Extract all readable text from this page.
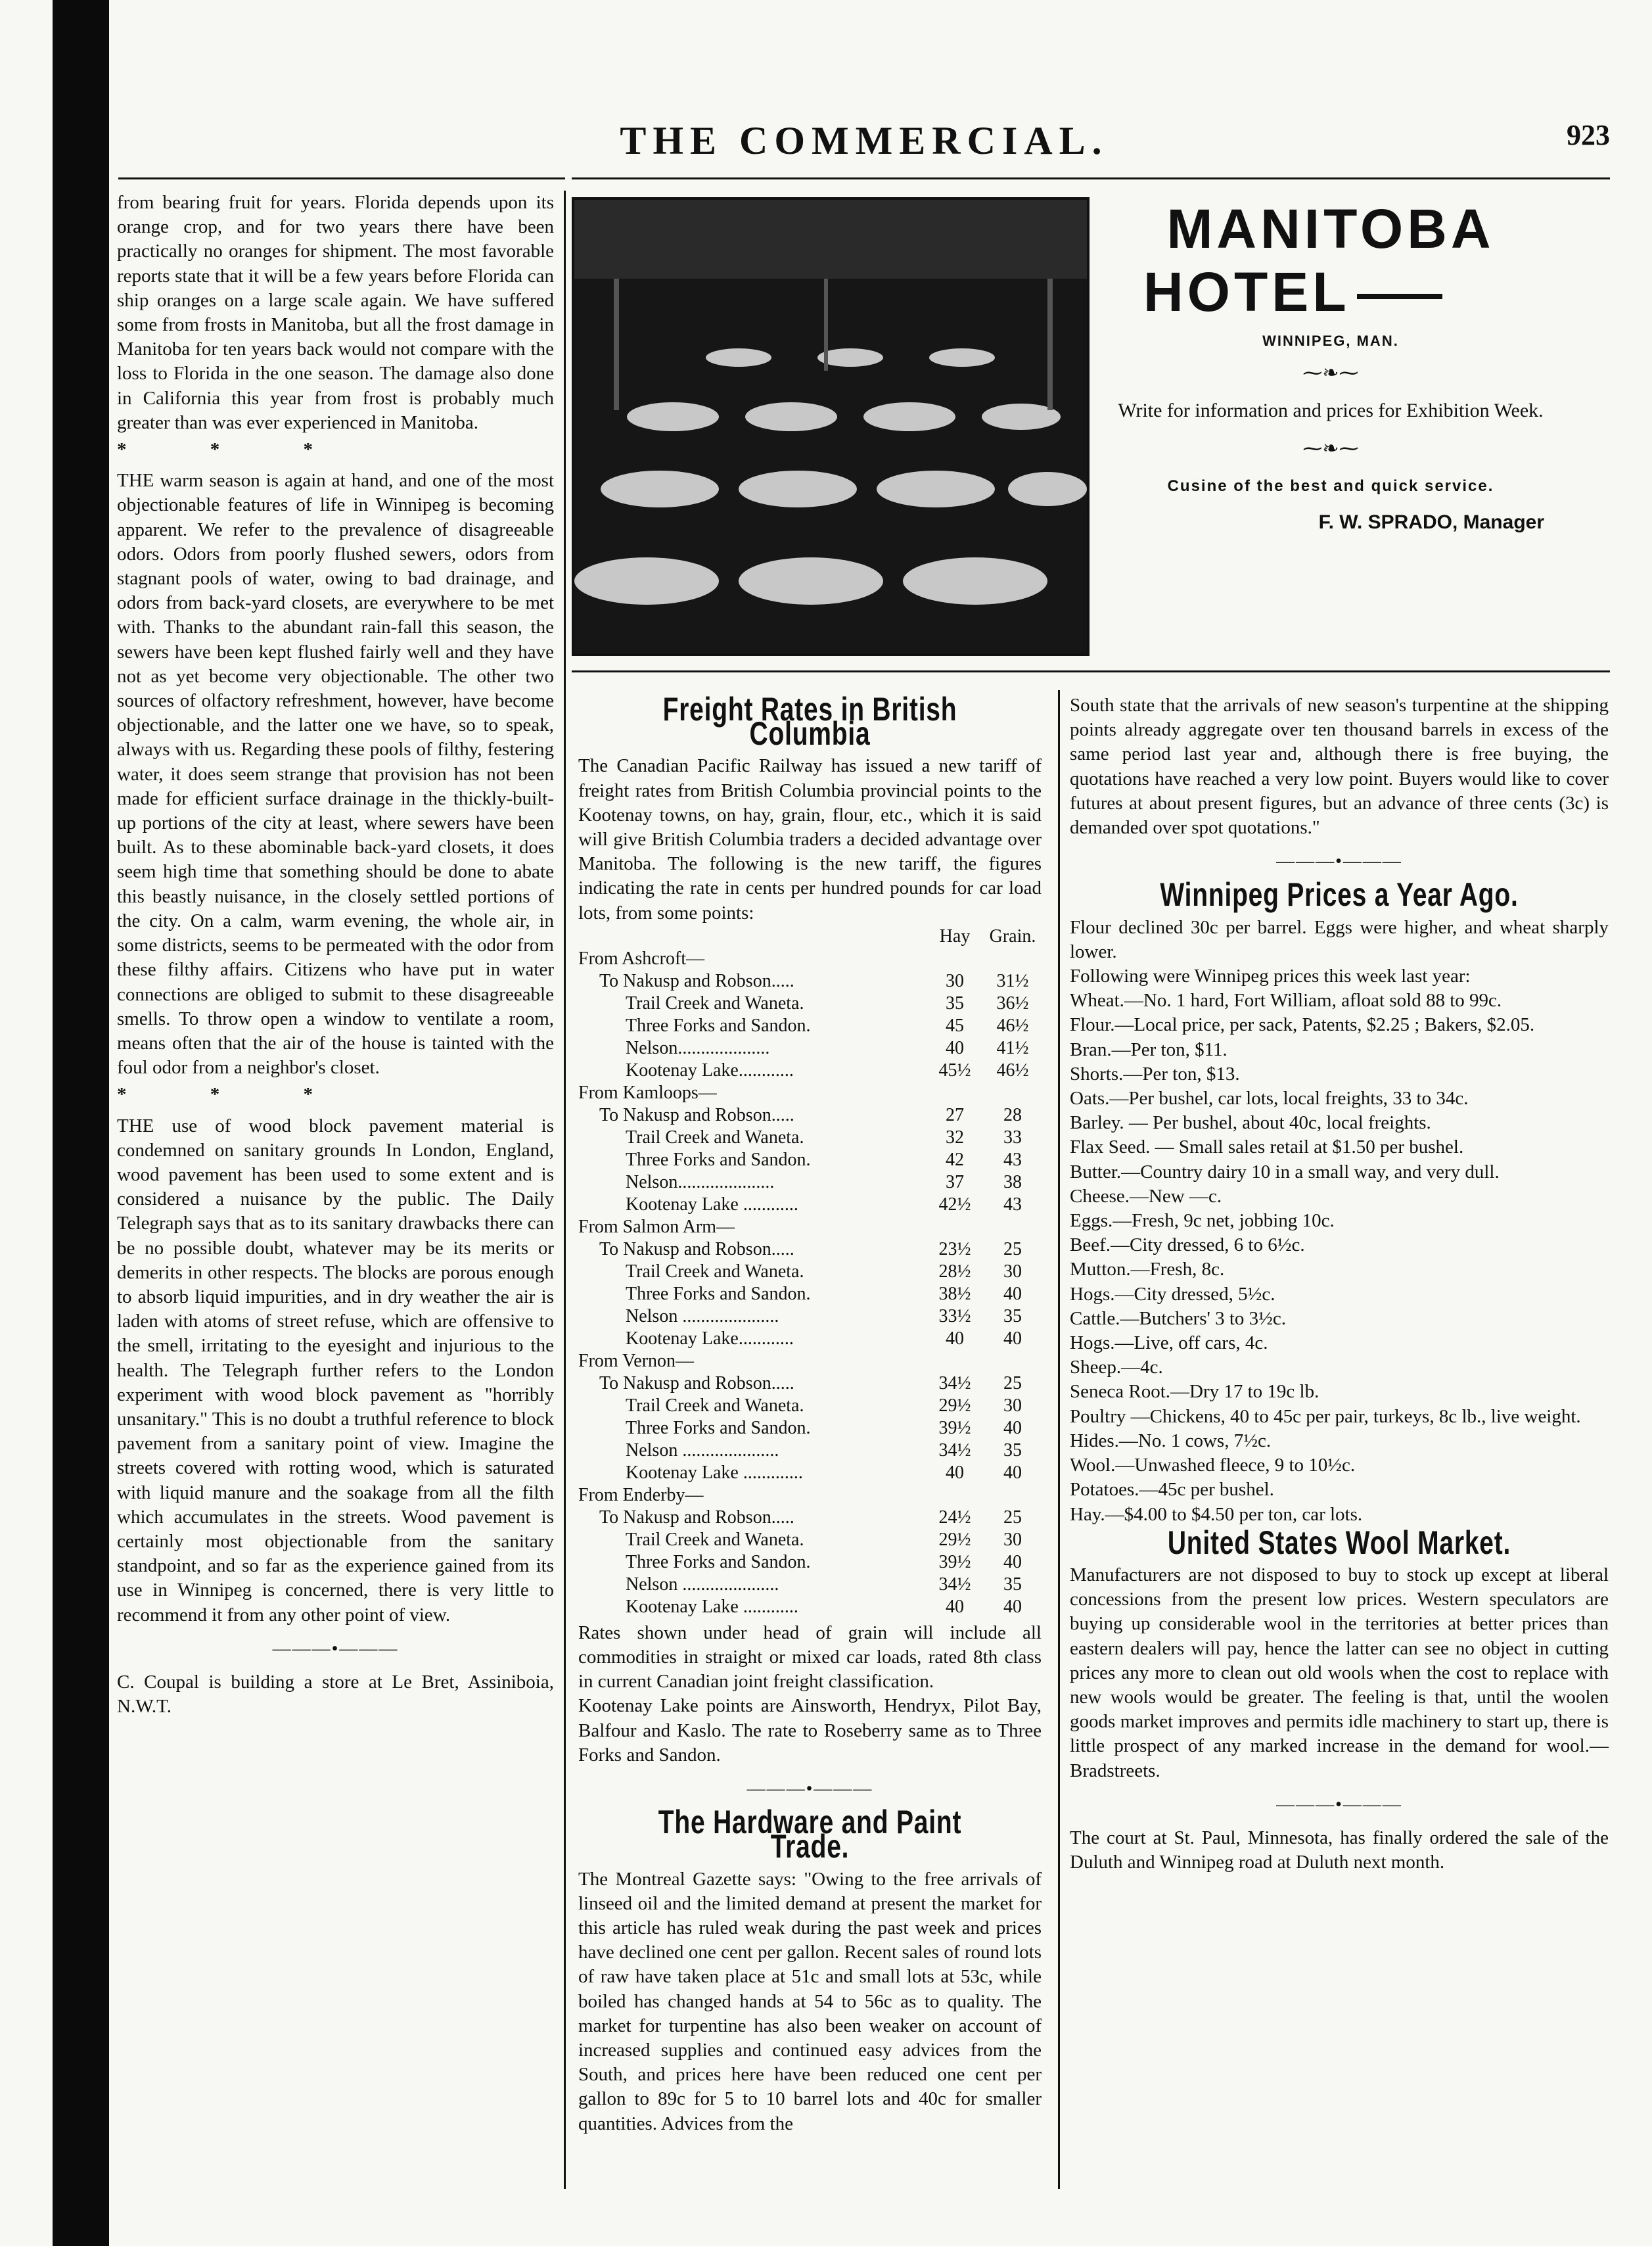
THE COMMERCIAL.	923

from bearing fruit for years. Florida depends upon its orange crop, and for two years there have been practically no oranges for shipment. The most favorable reports state that it will be a few years before Florida can ship oranges on a large scale again. We have suffered some from frosts in Manitoba, but all the frost damage in Manitoba for ten years back would not compare with the loss to Florida in the one season. The damage also done in California this year from frost is probably much greater than was ever experienced in Manitoba.

* * *

THE warm season is again at hand, and one of the most objectionable features of life in Winnipeg is becoming apparent. We refer to the prevalence of disagreeable odors. Odors from poorly flushed sewers, odors from stagnant pools of water, owing to bad drainage, and odors from back-yard closets, are everywhere to be met with. Thanks to the abundant rain-fall this season, the sewers have been kept flushed fairly well and they have not as yet become very objectionable. The other two sources of olfactory refreshment, however, have become objectionable, and the latter one we have, so to speak, always with us. Regarding these pools of filthy, festering water, it does seem strange that provision has not been made for efficient surface drainage in the thickly-built-up portions of the city at least, where sewers have been built. As to these abominable back-yard closets, it does seem high time that something should be done to abate this beastly nuisance, in the closely settled portions of the city. On a calm, warm evening, the whole air, in some districts, seems to be permeated with the odor from these filthy affairs. Citizens who have put in water connections are obliged to submit to these disagreeable smells. To throw open a window to ventilate a room, means often that the air of the house is tainted with the foul odor from a neighbor's closet.

* * *

THE use of wood block pavement material is condemned on sanitary grounds In London, England, wood pavement has been used to some extent and is considered a nuisance by the public. The Daily Telegraph says that as to its sanitary drawbacks there can be no possible doubt, whatever may be its merits or demerits in other respects. The blocks are porous enough to absorb liquid impurities, and in dry weather the air is laden with atoms of street refuse, which are offensive to the smell, irritating to the eyesight and injurious to the health. The Telegraph further refers to the London experiment with wood block pavement as "horribly unsanitary." This is no doubt a truthful reference to block pavement from a sanitary point of view. Imagine the streets covered with rotting wood, which is saturated with liquid manure and the soakage from all the filth which accumulates in the streets. Wood pavement is certainly most objectionable from the sanitary standpoint, and so far as the experience gained from its use in Winnipeg is concerned, there is very little to recommend it from any other point of view.

———•———

C. Coupal is building a store at Le Bret, Assiniboia, N.W.T.

MANITOBA
HOTEL
WINNIPEG, MAN.
⁓❧⁓
Write for information and prices for Exhibition Week.
⁓❧⁓
Cusine of the best and quick service.
F. W. SPRADO, Manager
Freight Rates in British Columbia

The Canadian Pacific Railway has issued a new tariff of freight rates from British Columbia provincial points to the Kootenay towns, on hay, grain, flour, etc., which it is said will give British Columbia traders a decided advantage over Manitoba. The following is the new tariff, the figures indicating the rate in cents per hundred pounds for car load lots, from some points:

	Hay	Grain.
From Ashcroft—		
To Nakusp and Robson.....	30	31½
Trail Creek and Waneta.	35	36½
Three Forks and Sandon.	45	46½
Nelson....................	40	41½
Kootenay Lake............	45½	46½
From Kamloops—		
To Nakusp and Robson.....	27	28
Trail Creek and Waneta.	32	33
Three Forks and Sandon.	42	43
Nelson.....................	37	38
Kootenay Lake ............	42½	43
From Salmon Arm—		
To Nakusp and Robson.....	23½	25
Trail Creek and Waneta.	28½	30
Three Forks and Sandon.	38½	40
Nelson .....................	33½	35
Kootenay Lake............	40	40
From Vernon—		
To Nakusp and Robson.....	34½	25
Trail Creek and Waneta.	29½	30
Three Forks and Sandon.	39½	40
Nelson .....................	34½	35
Kootenay Lake .............	40	40
From Enderby—		
To Nakusp and Robson.....	24½	25
Trail Creek and Waneta.	29½	30
Three Forks and Sandon.	39½	40
Nelson .....................	34½	35
Kootenay Lake ............	40	40

Rates shown under head of grain will include all commodities in straight or mixed car loads, rated 8th class in current Canadian joint freight classification.

Kootenay Lake points are Ainsworth, Hendryx, Pilot Bay, Balfour and Kaslo. The rate to Roseberry same as to Three Forks and Sandon.

———•———
The Hardware and Paint Trade.

The Montreal Gazette says: "Owing to the free arrivals of linseed oil and the limited demand at present the market for this article has ruled weak during the past week and prices have declined one cent per gallon. Recent sales of round lots of raw have taken place at 51c and small lots at 53c, while boiled has changed hands at 54 to 56c as to quality. The market for turpentine has also been weaker on account of increased supplies and continued easy advices from the South, and prices here have been reduced one cent per gallon to 89c for 5 to 10 barrel lots and 40c for smaller quantities. Advices from the

South state that the arrivals of new season's turpentine at the shipping points already aggregate over ten thousand barrels in excess of the same period last year and, although there is free buying, the quotations have reached a very low point. Buyers would like to cover futures at about present figures, but an advance of three cents (3c) is demanded over spot quotations."

———•———
Winnipeg Prices a Year Ago.

Flour declined 30c per barrel. Eggs were higher, and wheat sharply lower.

Following were Winnipeg prices this week last year:

Wheat.—No. 1 hard, Fort William, afloat sold 88 to 99c.

Flour.—Local price, per sack, Patents, $2.25 ; Bakers, $2.05.

Bran.—Per ton, $11.

Shorts.—Per ton, $13.

Oats.—Per bushel, car lots, local freights, 33 to 34c.

Barley. — Per bushel, about 40c, local freights.

Flax Seed. — Small sales retail at $1.50 per bushel.

Butter.—Country dairy 10 in a small way, and very dull.

Cheese.—New —c.

Eggs.—Fresh, 9c net, jobbing 10c.

Beef.—City dressed, 6 to 6½c.

Mutton.—Fresh, 8c.

Hogs.—City dressed, 5½c.

Cattle.—Butchers' 3 to 3½c.

Hogs.—Live, off cars, 4c.

Sheep.—4c.

Seneca Root.—Dry 17 to 19c lb.

Poultry —Chickens, 40 to 45c per pair, turkeys, 8c lb., live weight.

Hides.—No. 1 cows, 7½c.

Wool.—Unwashed fleece, 9 to 10½c.

Potatoes.—45c per bushel.

Hay.—$4.00 to $4.50 per ton, car lots.

United States Wool Market.

Manufacturers are not disposed to buy to stock up except at liberal concessions from the present low prices. Western speculators are buying up considerable wool in the territories at better prices than eastern dealers will pay, hence the latter can see no object in cutting prices any more to clean out old wools when the cost to replace with new wools would be greater. The feeling is that, until the woolen goods market improves and permits idle machinery to start up, there is little prospect of any marked increase in the demand for wool.—Bradstreets.

———•———

The court at St. Paul, Minnesota, has finally ordered the sale of the Duluth and Winnipeg road at Duluth next month.
